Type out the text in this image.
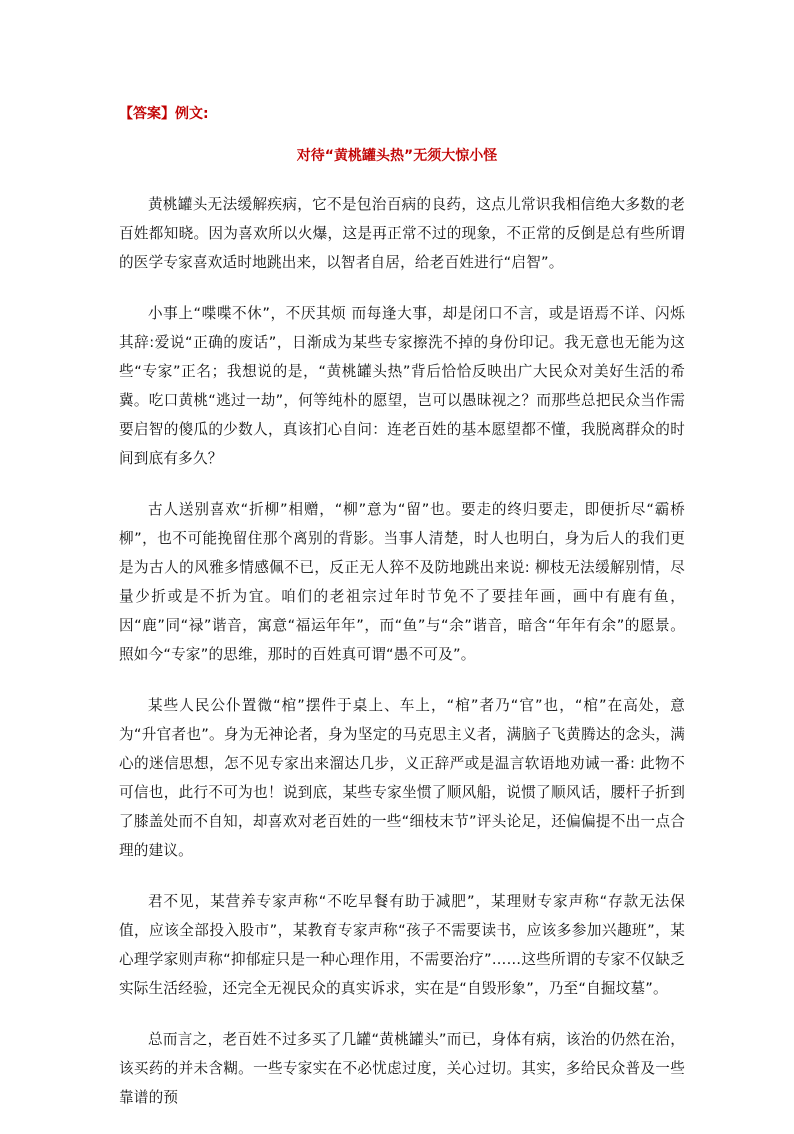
【答案】例文:
对待“黄桃罐头热”无须大惊小怪

黄桃罐头无法缓解疾病，它不是包治百病的良药，这点儿常识我相信绝大多数的老百姓都知晓。因为喜欢所以火爆，这是再正常不过的现象，不正常的反倒是总有些所谓的医学专家喜欢适时地跳出来，以智者自居，给老百姓进行“启智”。

小事上“喋喋不休”，不厌其烦 而每逢大事，却是闭口不言，或是语焉不详、闪烁其辞:爱说“正确的废话”，日渐成为某些专家擦洗不掉的身份印记。我无意也无能为这些“专家”正名；我想说的是，“黄桃罐头热”背后恰恰反映出广大民众对美好生活的希冀。吃口黄桃“逃过一劫”，何等纯朴的愿望，岂可以愚昧视之？而那些总把民众当作需要启智的傻瓜的少数人，真该扪心自问：连老百姓的基本愿望都不懂，我脱离群众的时间到底有多久？

古人送别喜欢“折柳”相赠，“柳”意为“留”也。要走的终归要走，即便折尽“霸桥柳”，也不可能挽留住那个离别的背影。当事人清楚，时人也明白，身为后人的我们更是为古人的风雅多情感佩不已，反正无人猝不及防地跳出来说: 柳枝无法缓解别情，尽量少折或是不折为宜。咱们的老祖宗过年时节免不了要挂年画，画中有鹿有鱼，因“鹿”同“禄”谐音，寓意“福运年年”，而“鱼”与“余”谐音，暗含“年年有余”的愿景。照如今“专家”的思维，那时的百姓真可谓“愚不可及”。

某些人民公仆置微“棺”摆件于桌上、车上，“棺”者乃“官”也，“棺”在高处，意为“升官者也”。身为无神论者，身为坚定的马克思主义者，满脑子飞黄腾达的念头，满心的迷信思想，怎不见专家出来溜达几步，义正辞严或是温言软语地劝诫一番: 此物不可信也，此行不可为也！说到底，某些专家坐惯了顺风船，说惯了顺风话，腰杆子折到了膝盖处而不自知，却喜欢对老百姓的一些“细枝末节”评头论足，还偏偏提不出一点合理的建议。

君不见，某营养专家声称“不吃早餐有助于减肥”，某理财专家声称“存款无法保值，应该全部投入股市”，某教育专家声称“孩子不需要读书，应该多参加兴趣班”，某心理学家则声称“抑郁症只是一种心理作用，不需要治疗”……这些所谓的专家不仅缺乏实际生活经验，还完全无视民众的真实诉求，实在是“自毁形象”，乃至“自掘坟墓”。

总而言之，老百姓不过多买了几罐“黄桃罐头”而已，身体有病，该治的仍然在治，该买药的并未含糊。一些专家实在不必忧虑过度，关心过切。其实，多给民众普及一些靠谱的预
